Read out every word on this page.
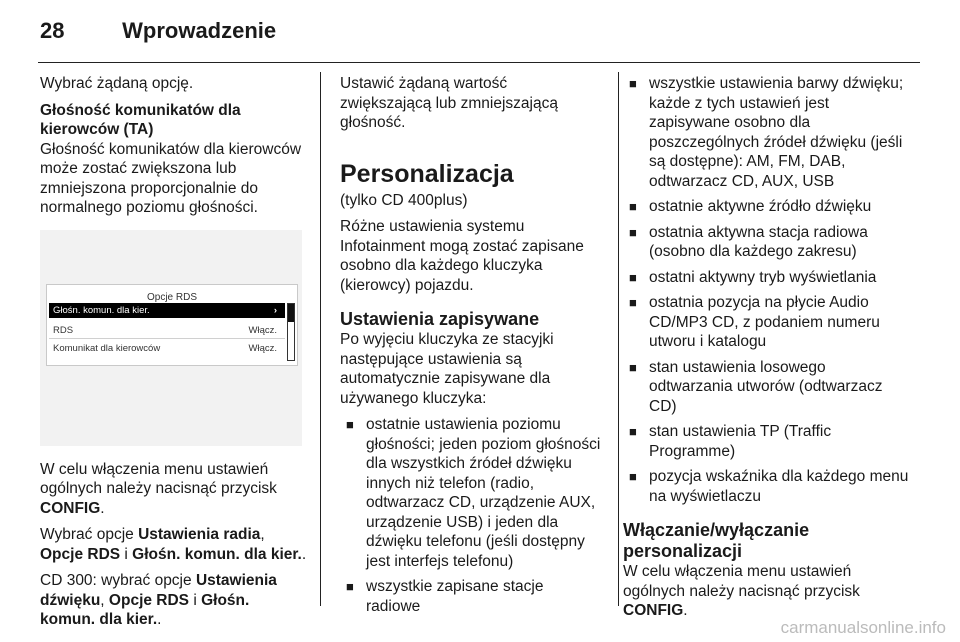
28	Wprowadzenie

Wybrać żądaną opcję.

Głośność komunikatów dla kierowców (TA)

Głośność komunikatów dla kierowców może zostać zwiększona lub zmniejszona proporcjonalnie do normalnego poziomu głośności.

Opcje RDS
Głośn. komun. dla kier.	›
RDS	Włącz.
Komunikat dla kierowców	Włącz.

W celu włączenia menu ustawień ogólnych należy nacisnąć przycisk CONFIG.

Wybrać opcje Ustawienia radia, Opcje RDS i Głośn. komun. dla kier..

CD 300: wybrać opcje Ustawienia dźwięku, Opcje RDS i Głośn. komun. dla kier..

Ustawić żądaną wartość zwiększającą lub zmniejszającą głośność.

Personalizacja

(tylko CD 400plus)

Różne ustawienia systemu Infotainment mogą zostać zapisane osobno dla każdego kluczyka (kierowcy) pojazdu.

Ustawienia zapisywane

Po wyjęciu kluczyka ze stacyjki następujące ustawienia są automatycznie zapisywane dla używanego kluczyka:

■ ostatnie ustawienia poziomu głośności; jeden poziom głośności dla wszystkich źródeł dźwięku innych niż telefon (radio, odtwarzacz CD, urządzenie AUX, urządzenie USB) i jeden dla dźwięku telefonu (jeśli dostępny jest interfejs telefonu)
■ wszystkie zapisane stacje radiowe
■ wszystkie ustawienia barwy dźwięku; każde z tych ustawień jest zapisywane osobno dla poszczególnych źródeł dźwięku (jeśli są dostępne): AM, FM, DAB, odtwarzacz CD, AUX, USB
■ ostatnie aktywne źródło dźwięku
■ ostatnia aktywna stacja radiowa (osobno dla każdego zakresu)
■ ostatni aktywny tryb wyświetlania
■ ostatnia pozycja na płycie Audio CD/MP3 CD, z podaniem numeru utworu i katalogu
■ stan ustawienia losowego odtwarzania utworów (odtwarzacz CD)
■ stan ustawienia TP (Traffic Programme)
■ pozycja wskaźnika dla każdego menu na wyświetlaczu
Włączanie/wyłączanie personalizacji

W celu włączenia menu ustawień ogólnych należy nacisnąć przycisk CONFIG.

carmanualsonline.info
